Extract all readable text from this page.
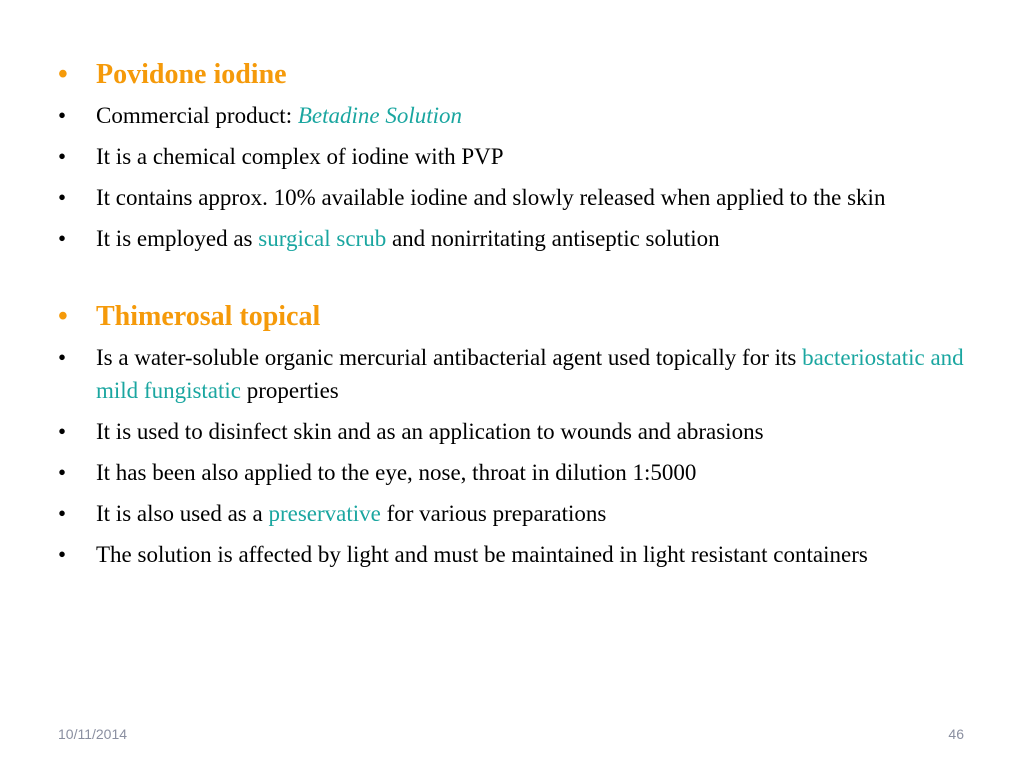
•	Povidone iodine
•	Commercial product: Betadine Solution
•	It is a chemical complex of iodine with PVP
•	It contains approx. 10% available iodine and slowly released when applied to the skin
•	It is employed as surgical scrub and nonirritating antiseptic solution
•	Thimerosal topical
•	Is a water-soluble organic mercurial antibacterial agent used topically for its bacteriostatic and mild fungistatic properties
•	It is used to disinfect skin and as an application to wounds and abrasions
•	It has been also applied to the eye, nose, throat in dilution 1:5000
•	It is also used as a preservative for various preparations
•	The solution is affected by light and must be maintained in light resistant containers
10/11/2014	46
